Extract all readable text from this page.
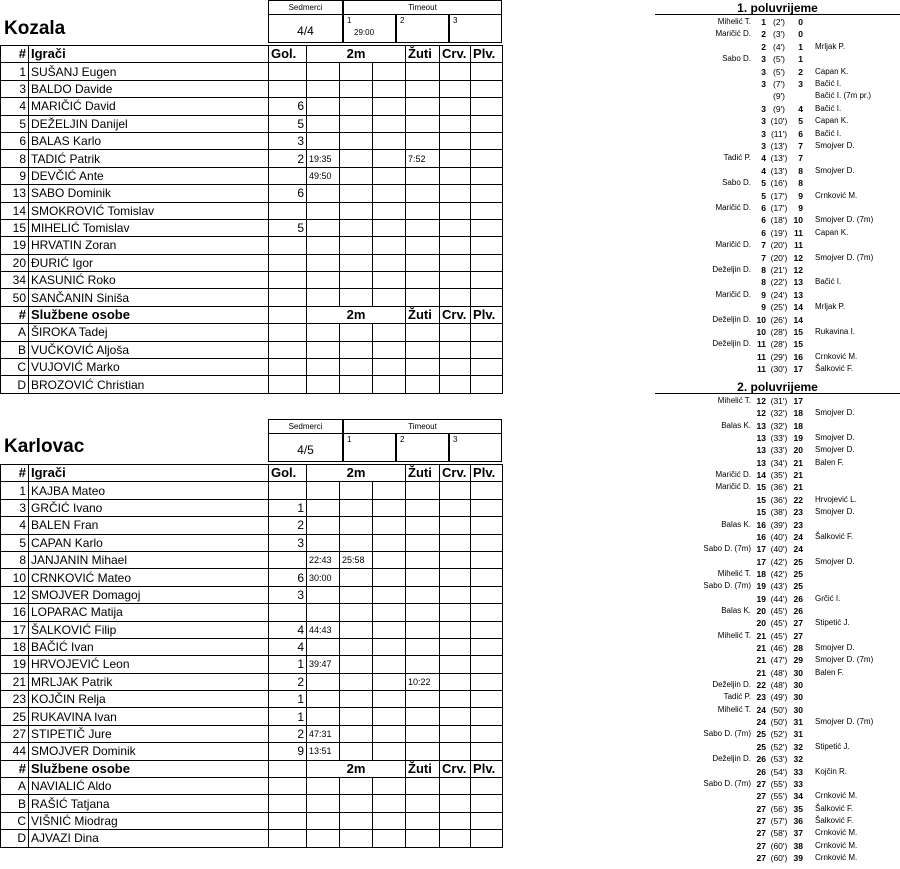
Sedmerci	Timeout
4/4
1
29:00
2	3
Kozala
#	Igrači	Gol.	2m			Žuti	Crv.	Plv.
1	SUŠANJ Eugen							
3	BALDO Davide							
4	MARIČIĆ David	6						
5	DEŽELJIN Danijel	5						
6	BALAS Karlo	3						
8	TADIĆ Patrik	2	19:35			7:52		
9	DEVČIĆ Ante		49:50					
13	SABO Dominik	6						
14	SMOKROVIĆ Tomislav							
15	MIHELIĆ Tomislav	5						
19	HRVATIN Zoran							
20	ĐURIĆ Igor							
34	KASUNIĆ Roko							
50	SANČANIN Siniša							
#	Službene osobe		2m			Žuti	Crv.	Plv.
A	ŠIROKA Tadej							
B	VUČKOVIĆ Aljoša							
C	VUJOVIĆ Marko							
D	BROZOVIĆ Christian							
Sedmerci	Timeout
4/5
1	2	3
Karlovac
#	Igrači	Gol.	2m			Žuti	Crv.	Plv.
1	KAJBA Mateo							
3	GRČIĆ Ivano	1						
4	BALEN Fran	2						
5	CAPAN Karlo	3						
8	JANJANIN Mihael		22:43	25:58				
10	CRNKOVIĆ Mateo	6	30:00					
12	SMOJVER Domagoj	3						
16	LOPARAC Matija							
17	ŠALKOVIĆ Filip	4	44:43					
18	BAČIĆ Ivan	4						
19	HRVOJEVIĆ Leon	1	39:47					
21	MRLJAK Patrik	2				10:22		
23	KOJČIN Relja	1						
25	RUKAVINA Ivan	1						
27	STIPETIČ Jure	2	47:31					
44	SMOJVER Dominik	9	13:51					
#	Službene osobe		2m			Žuti	Crv.	Plv.
A	NAVIALIĆ Aldo							
B	RAŠIĆ Tatjana							
C	VIŠNIĆ Miodrag							
D	AJVAZI Dina							
1. poluvrijeme
Mihelić T.	1 (2')	0
Maričić D.	2 (3')	0
2 (4')	1 Mrljak P.
Sabo D.	3 (5')	1
3 (5')	2 Capan K.
3 (7')	3 Bačić I.
(9')	Bačić I. (7m pr.)
3 (9')	4 Bačić I.
3 (10')	5 Capan K.
3 (11')	6 Bačić I.
3 (13')	7 Smojver D.
Tadić P.	4 (13')	7
4 (13')	8 Smojver D.
Sabo D.	5 (16')	8
5 (17')	9 Crnković M.
Maričić D.	6 (17')	9
6 (18') 10 Smojver D. (7m)
6 (19') 11 Capan K.
Maričić D.	7 (20') 11
7 (20') 12 Smojver D. (7m)
Deželjin D.	8 (21') 12
8 (22') 13 Bačić I.
Maričić D.	9 (24') 13
9 (25') 14 Mrljak P.
Deželjin D. 10 (26') 14
10 (28') 15 Rukavina I.
Deželjin D. 11 (28') 15
11 (29') 16 Crnković M.
11 (30') 17 Šalković F.
2. poluvrijeme
Mihelić T. 12 (31') 17
12 (32') 18 Smojver D.
Balas K. 13 (32') 18
13 (33') 19 Smojver D.
13 (33') 20 Smojver D.
13 (34') 21 Balen F.
Maričić D. 14 (35') 21
Maričić D. 15 (36') 21
15 (36') 22 Hrvojević L.
15 (38') 23 Smojver D.
Balas K. 16 (39') 23
16 (40') 24 Šalković F.
Sabo D. (7m) 17 (40') 24
17 (42') 25 Smojver D.
Mihelić T. 18 (42') 25
Sabo D. (7m) 19 (43') 25
19 (44') 26 Grčić I.
Balas K. 20 (45') 26
20 (45') 27 Stipetić J.
Mihelić T. 21 (45') 27
21 (46') 28 Smojver D.
21 (47') 29 Smojver D. (7m)
21 (48') 30 Balen F.
Deželjin D. 22 (48') 30
Tadić P. 23 (49') 30
Mihelić T. 24 (50') 30
24 (50') 31 Smojver D. (7m)
Sabo D. (7m) 25 (52') 31
25 (52') 32 Stipetić J.
Deželjin D. 26 (53') 32
26 (54') 33 Kojčin R.
Sabo D. (7m) 27 (55') 33
27 (55') 34 Crnković M.
27 (56') 35 Šalković F.
27 (57') 36 Šalković F.
27 (58') 37 Crnković M.
27 (60') 38 Crnković M.
27 (60') 39 Crnković M.
